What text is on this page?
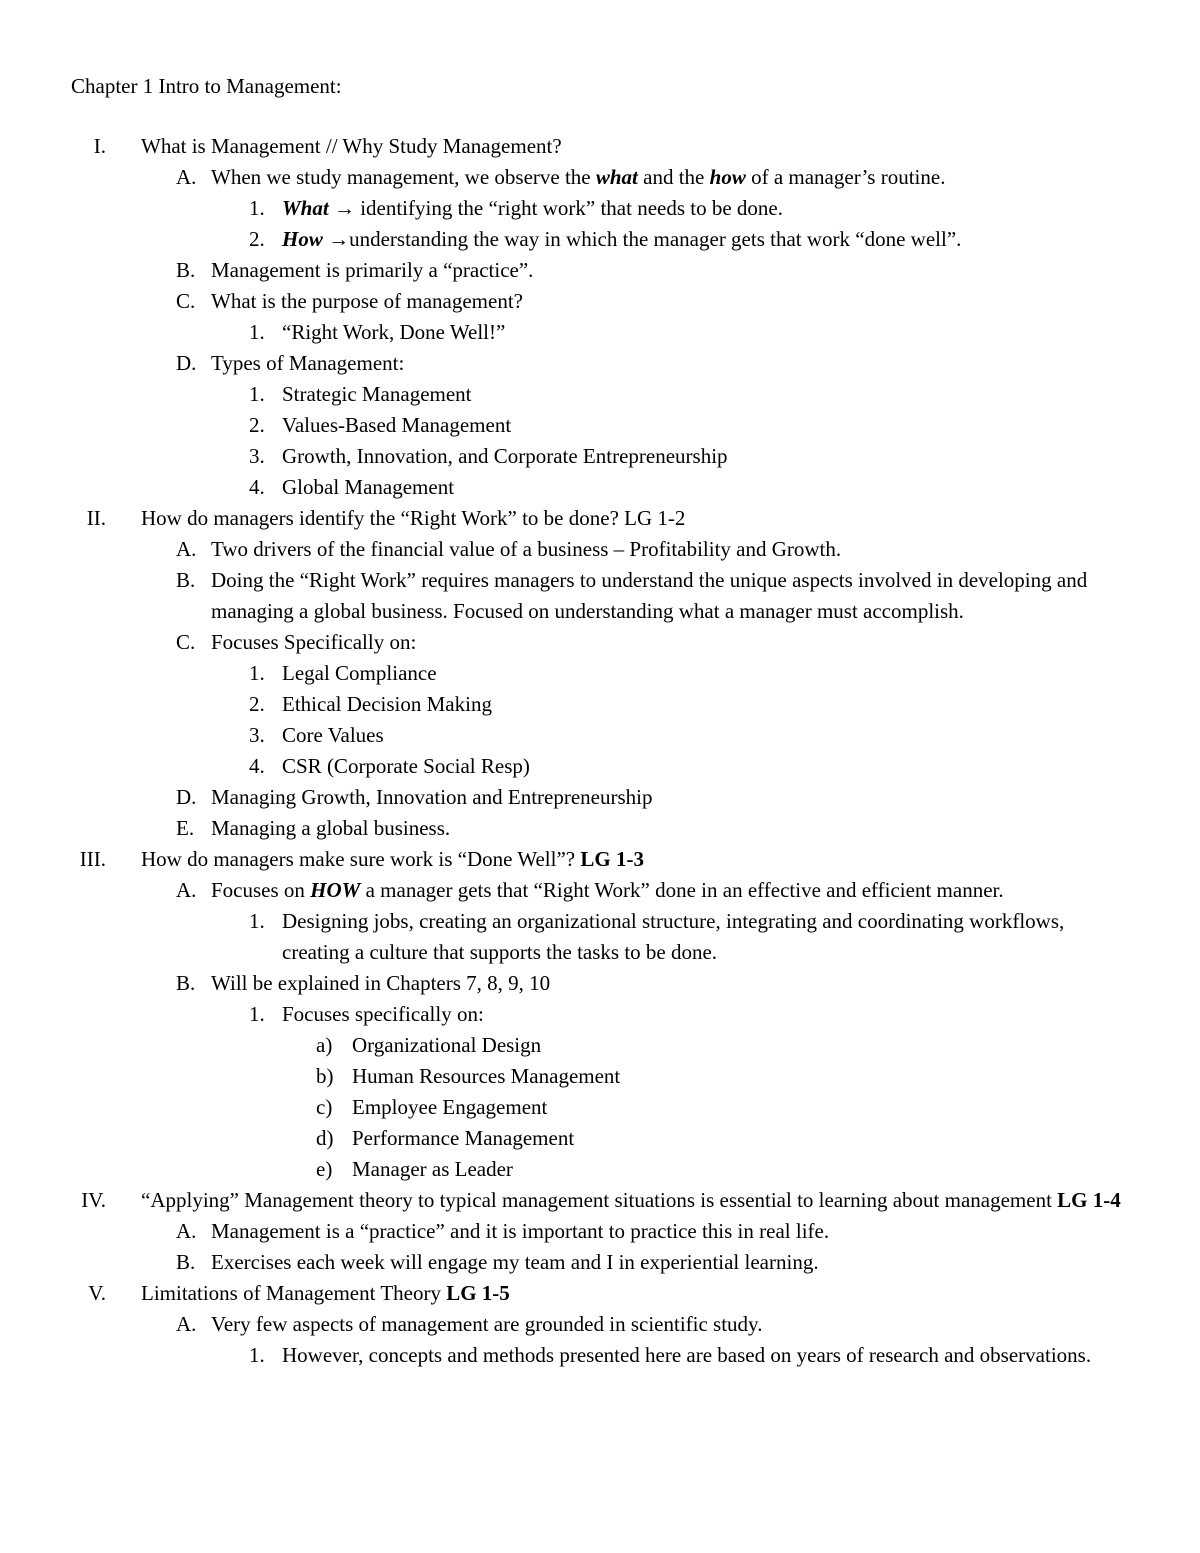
Chapter 1 Intro to Management:
I. What is Management // Why Study Management?
A. When we study management, we observe the what and the how of a manager’s routine.
1. What → identifying the “right work” that needs to be done.
2. How →understanding the way in which the manager gets that work “done well”.
B. Management is primarily a “practice”.
C. What is the purpose of management?
1. “Right Work, Done Well!”
D. Types of Management:
1. Strategic Management
2. Values-Based Management
3. Growth, Innovation, and Corporate Entrepreneurship
4. Global Management
II. How do managers identify the “Right Work” to be done? LG 1-2
A. Two drivers of the financial value of a business – Profitability and Growth.
B. Doing the “Right Work” requires managers to understand the unique aspects involved in developing and managing a global business. Focused on understanding what a manager must accomplish.
C. Focuses Specifically on:
1. Legal Compliance
2. Ethical Decision Making
3. Core Values
4. CSR (Corporate Social Resp)
D. Managing Growth, Innovation and Entrepreneurship
E. Managing a global business.
III. How do managers make sure work is “Done Well”? LG 1-3
A. Focuses on HOW a manager gets that “Right Work” done in an effective and efficient manner.
1. Designing jobs, creating an organizational structure, integrating and coordinating workflows, creating a culture that supports the tasks to be done.
B. Will be explained in Chapters 7, 8, 9, 10
1. Focuses specifically on:
a) Organizational Design
b) Human Resources Management
c) Employee Engagement
d) Performance Management
e) Manager as Leader
IV. “Applying” Management theory to typical management situations is essential to learning about management LG 1-4
A. Management is a “practice” and it is important to practice this in real life.
B. Exercises each week will engage my team and I in experiential learning.
V. Limitations of Management Theory LG 1-5
A. Very few aspects of management are grounded in scientific study.
1. However, concepts and methods presented here are based on years of research and observations.
